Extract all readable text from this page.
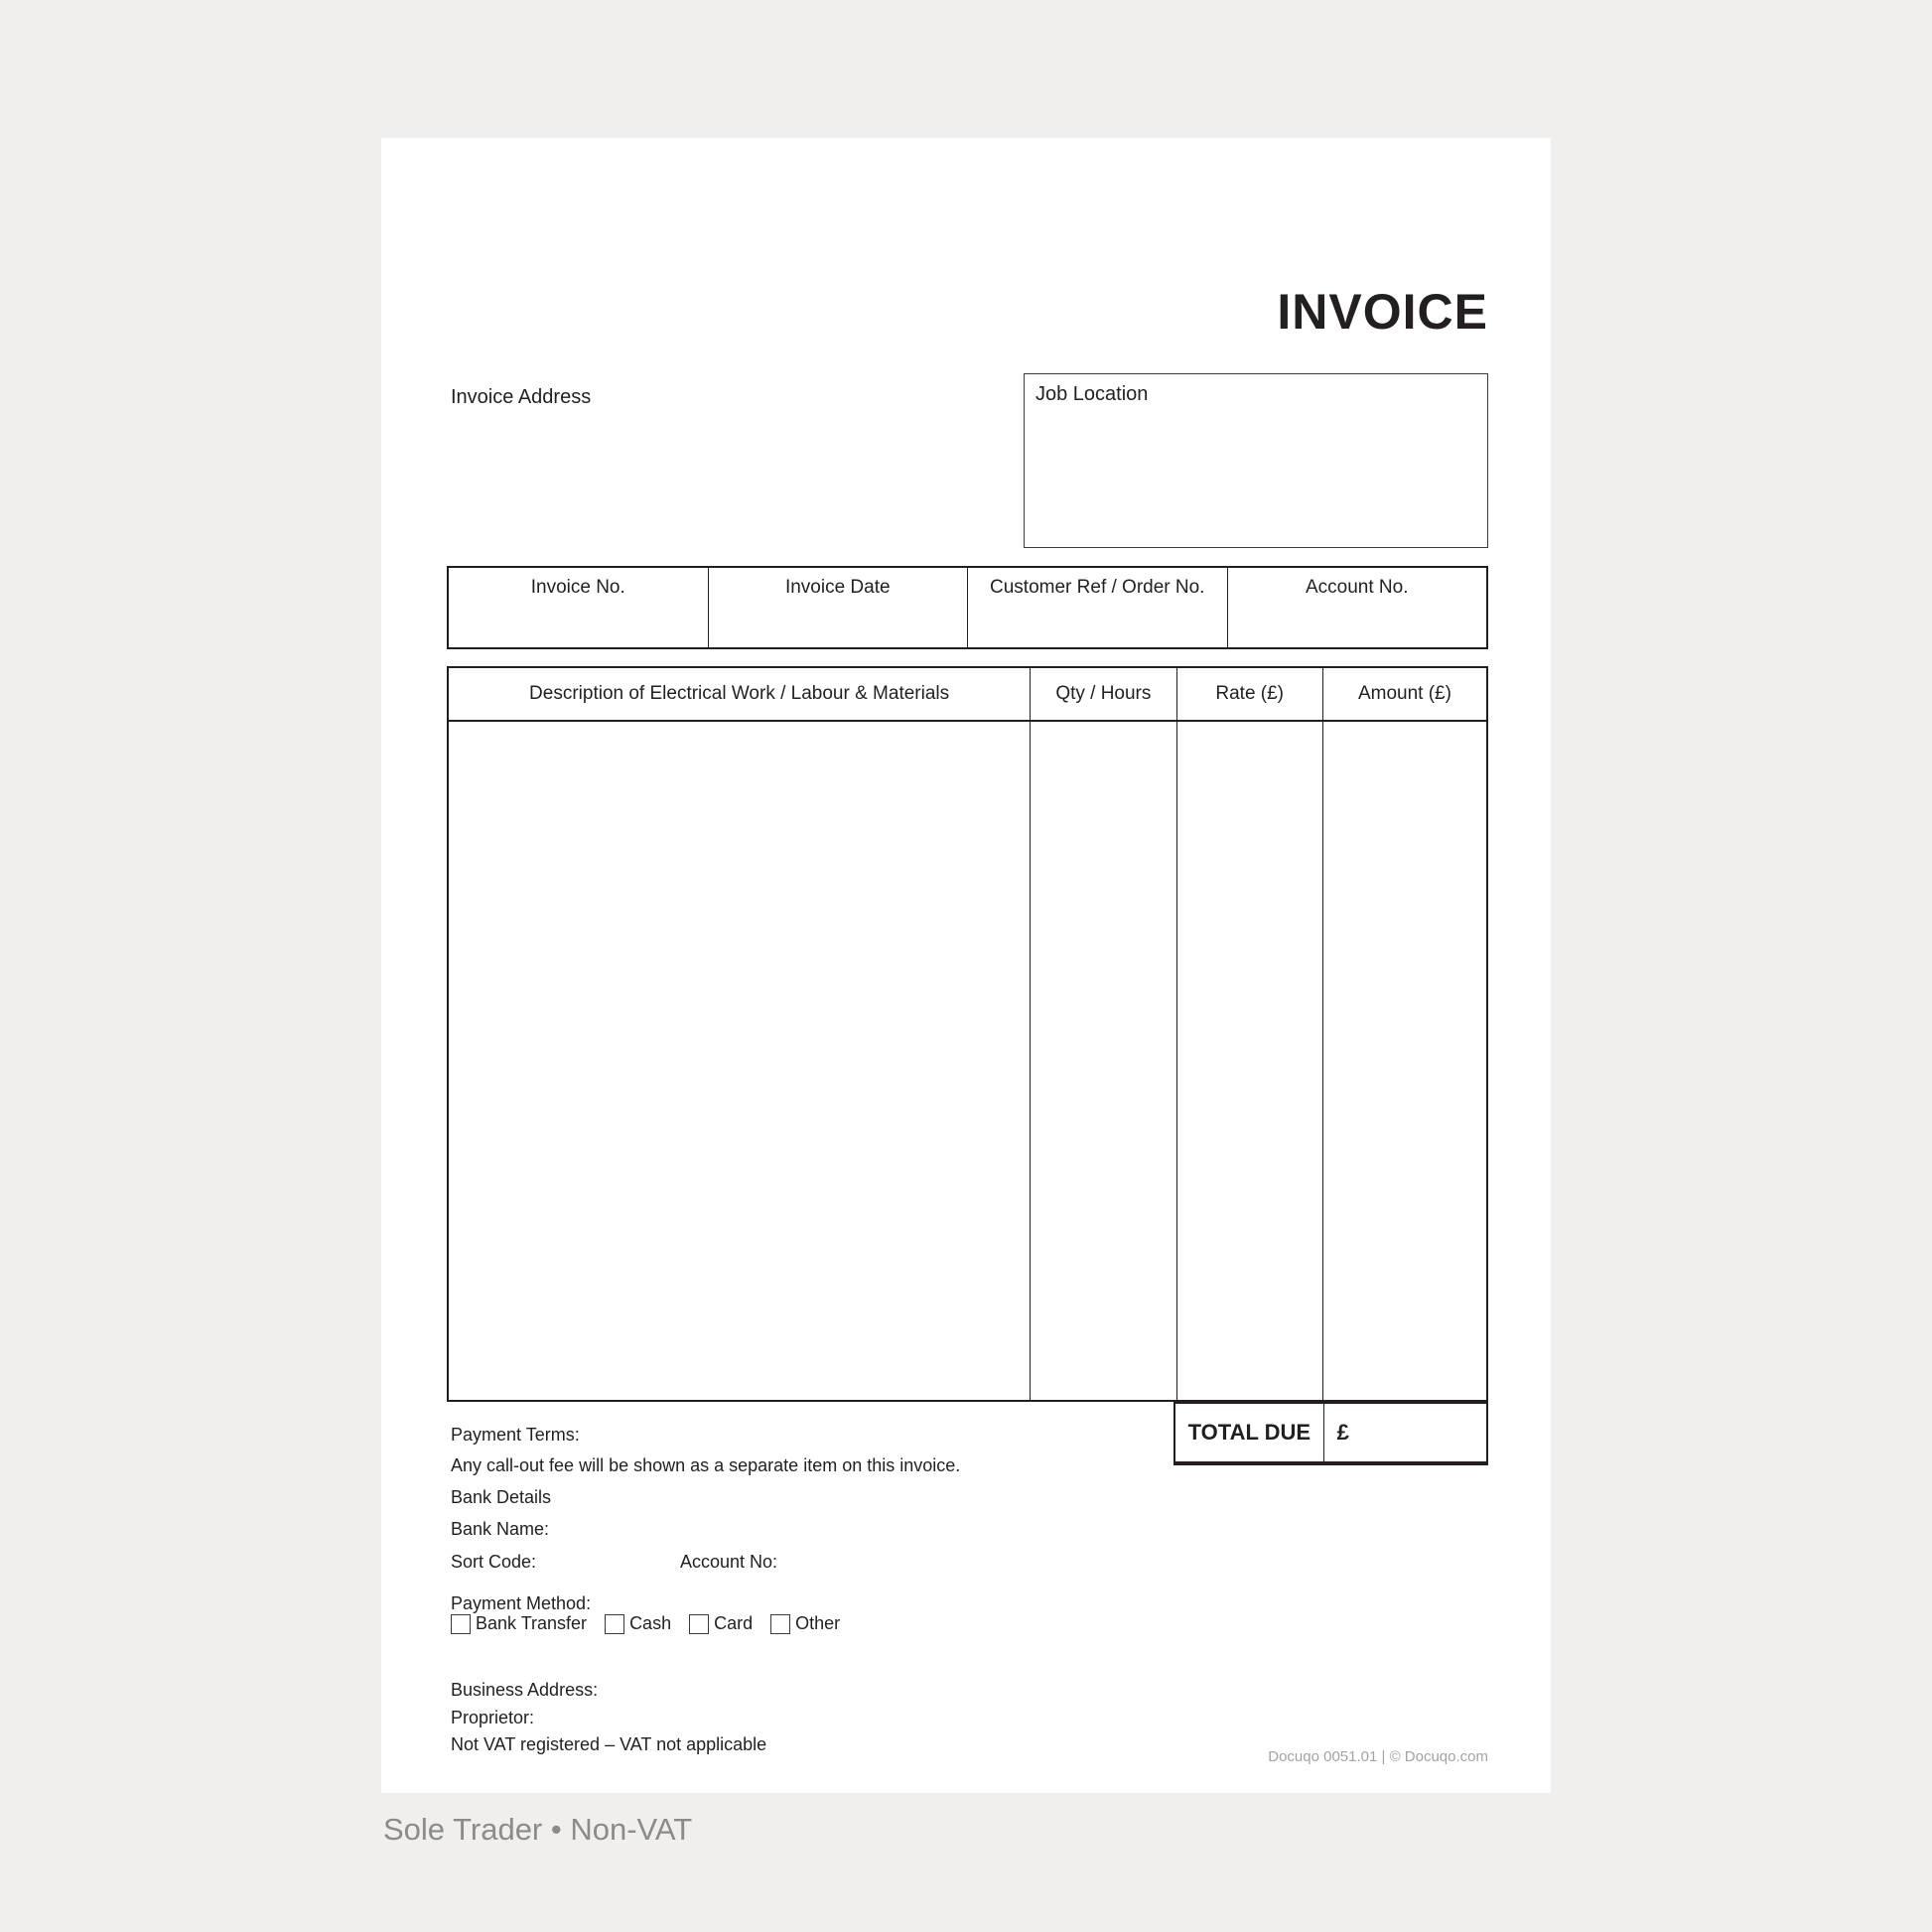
INVOICE
Invoice Address	Job Location
Invoice No.	Invoice Date	Customer Ref / Order No.	Account No.
Description of Electrical Work / Labour & Materials	Qty / Hours	Rate (£)	Amount (£)
TOTAL DUE	£
Payment Terms:
Any call-out fee will be shown as a separate item on this invoice.
Bank Details
Bank Name:
Sort Code:	Account No:
Payment Method:
Bank Transfer Cash Card Other
Business Address:
Proprietor:
Not VAT registered – VAT not applicable
Docuqo 0051.01 | © Docuqo.com
Sole Trader • Non-VAT
